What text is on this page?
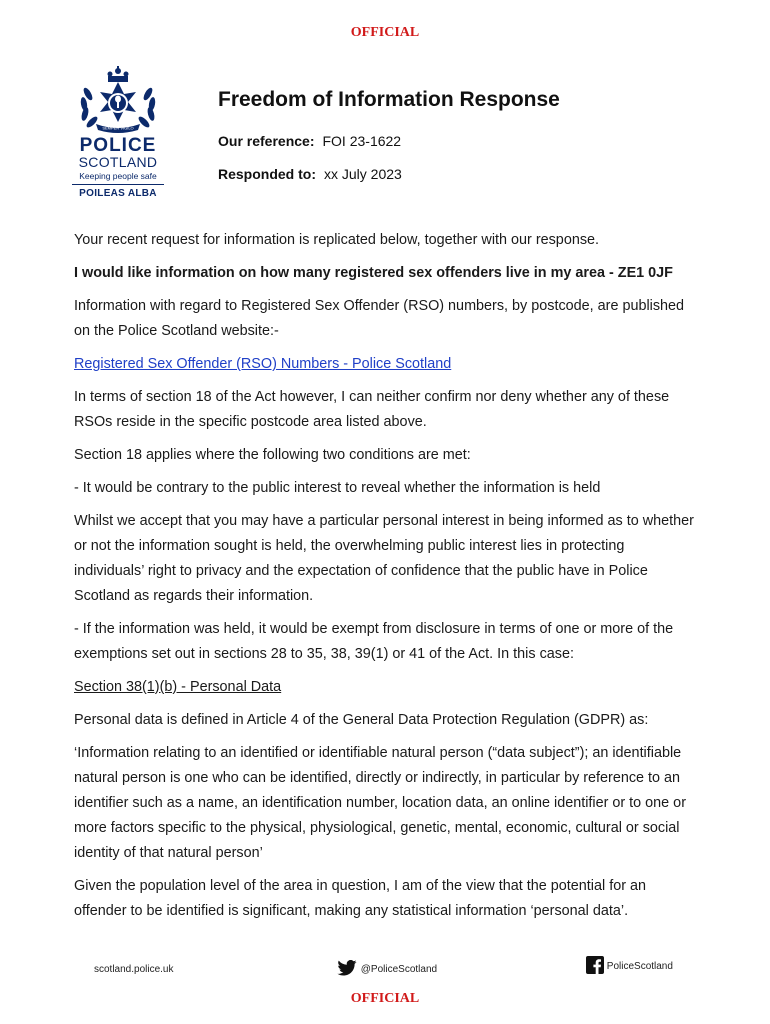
OFFICIAL
SEMPER VIGILO
POLICE
SCOTLAND
Keeping people safe
POILEAS ALBA
Freedom of Information Response
Our reference: FOI 23-1622
Responded to: xx July 2023

Your recent request for information is replicated below, together with our response.

I would like information on how many registered sex offenders live in my area - ZE1 0JF

Information with regard to Registered Sex Offender (RSO) numbers, by postcode, are published on the Police Scotland website:-

Registered Sex Offender (RSO) Numbers - Police Scotland

In terms of section 18 of the Act however, I can neither confirm nor deny whether any of these RSOs reside in the specific postcode area listed above.

Section 18 applies where the following two conditions are met:

- It would be contrary to the public interest to reveal whether the information is held

Whilst we accept that you may have a particular personal interest in being informed as to whether or not the information sought is held, the overwhelming public interest lies in protecting individuals’ right to privacy and the expectation of confidence that the public have in Police Scotland as regards their information.

- If the information was held, it would be exempt from disclosure in terms of one or more of the exemptions set out in sections 28 to 35, 38, 39(1) or 41 of the Act. In this case:

Section 38(1)(b) - Personal Data

Personal data is defined in Article 4 of the General Data Protection Regulation (GDPR) as:

‘Information relating to an identified or identifiable natural person (“data subject”); an identifiable natural person is one who can be identified, directly or indirectly, in particular by reference to an identifier such as a name, an identification number, location data, an online identifier or to one or more factors specific to the physical, physiological, genetic, mental, economic, cultural or social identity of that natural person’

Given the population level of the area in question, I am of the view that the potential for an offender to be identified is significant, making any statistical information ‘personal data’.

scotland.police.uk	@PoliceScotland	PoliceScotland
OFFICIAL
